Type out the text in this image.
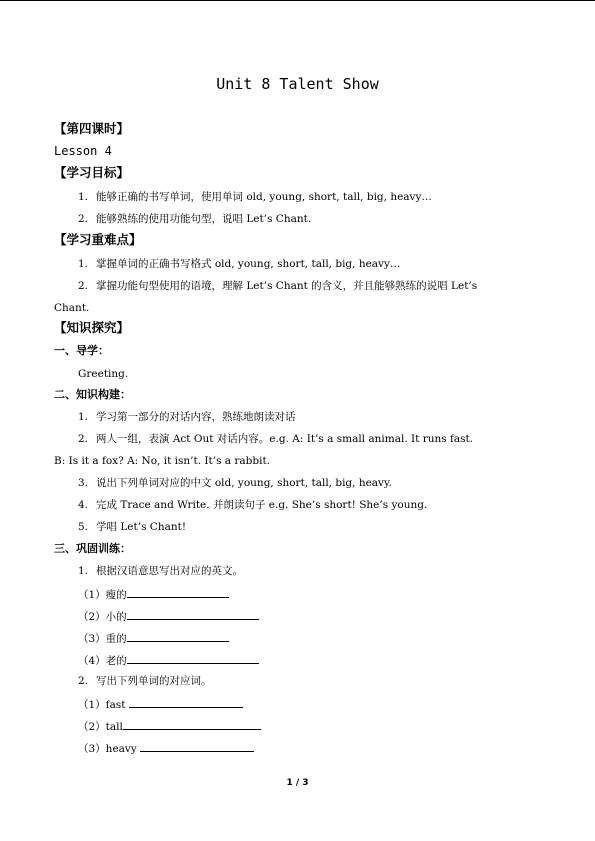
Unit 8 Talent Show
【第四课时】
Lesson 4
【学习目标】
1. 能够正确的书写单词，使用单词 old, young, short, tall, big, heavy…
2. 能够熟练的使用功能句型，说唱 Let’s Chant.
【学习重难点】
1. 掌握单词的正确书写格式 old, young, short, tall, big, heavy…
2. 掌握功能句型使用的语境，理解 Let’s Chant 的含义，并且能够熟练的说唱 Let’s
Chant.
【知识探究】
一、导学：
Greeting.
二、知识构建：
1. 学习第一部分的对话内容，熟练地朗读对话
2. 两人一组，表演 Act Out 对话内容。e.g. A: It’s a small animal. It runs fast.
B: Is it a fox? A: No, it isn’t. It’s a rabbit.
3. 说出下列单词对应的中文 old, young, short, tall, big, heavy.
4. 完成 Trace and Write. 并朗读句子 e.g. She’s short! She’s young.
5. 学唱 Let’s Chant!
三、巩固训练：
1. 根据汉语意思写出对应的英文。
（1）瘦的
（2）小的
（3）重的
（4）老的
2. 写出下列单词的对应词。
（1）fast
（2）tall
（3）heavy
1 / 3
